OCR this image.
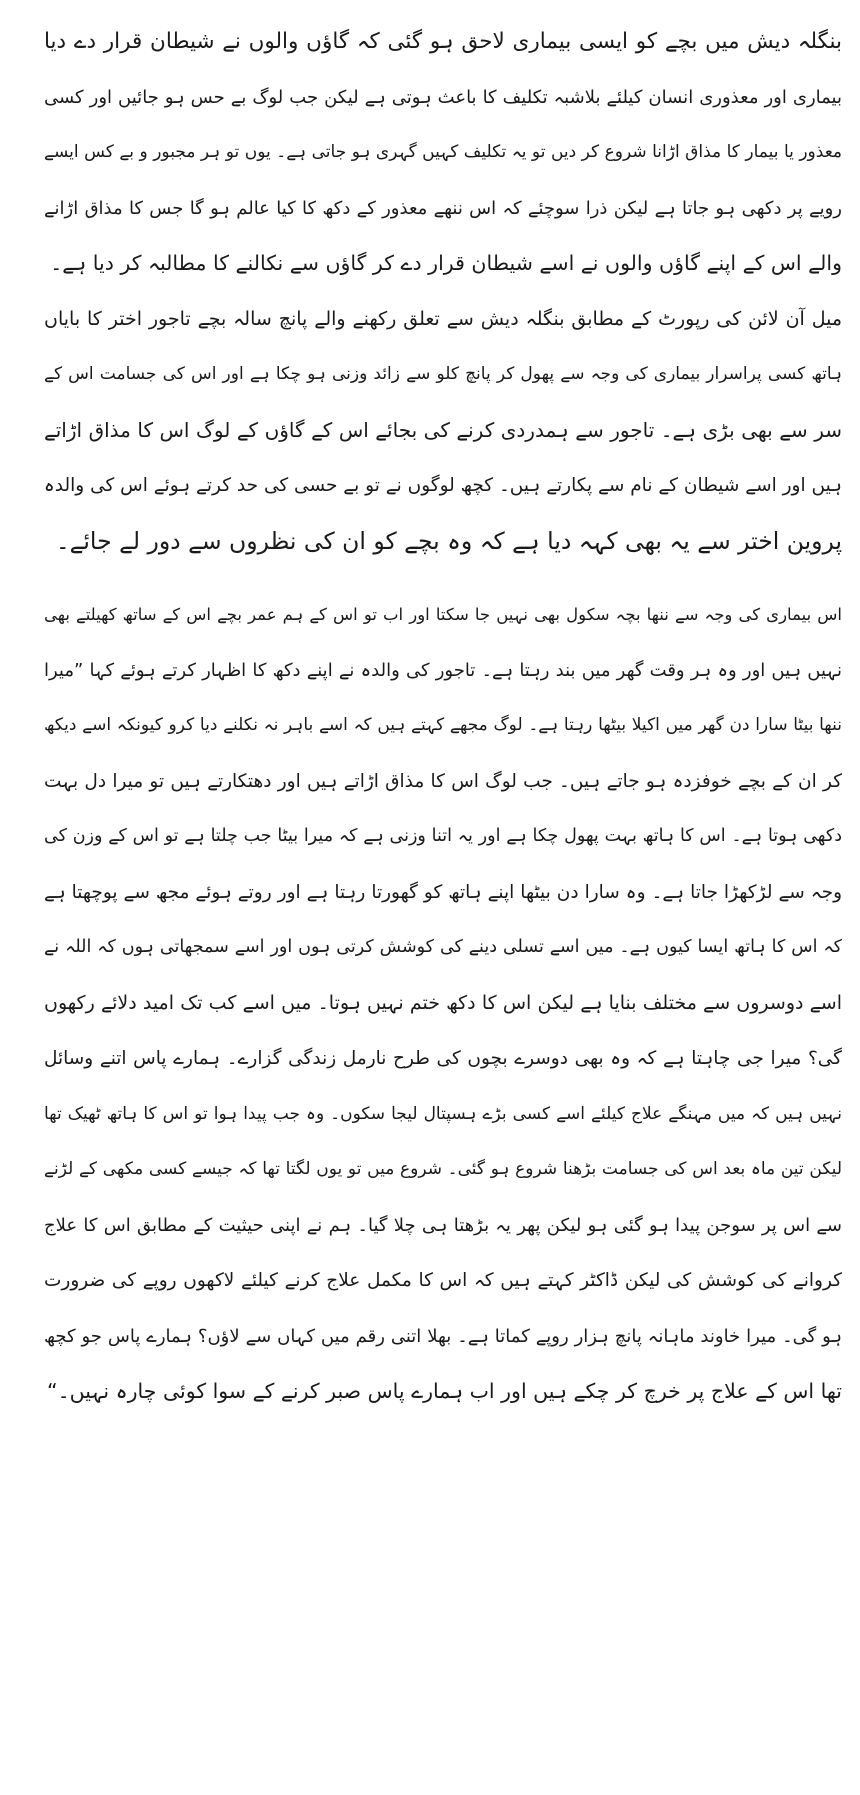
بنگلہ دیش میں بچے کو ایسی بیماری لاحق ہو گئی کہ گاؤں والوں نے شیطان قرار دے دیا
بیماری اور معذوری انسان کیلئے بلاشبہ تکلیف کا باعث ہوتی ہے لیکن جب لوگ بے حس ہو جائیں اور کسی
معذور یا بیمار کا مذاق اڑانا شروع کر دیں تو یہ تکلیف کہیں گہری ہو جاتی ہے۔ یوں تو ہر مجبور و بے کس ایسے
رویے پر دکھی ہو جاتا ہے لیکن ذرا سوچئے کہ اس ننھے معذور کے دکھ کا کیا عالم ہو گا جس کا مذاق اڑانے
والے اس کے اپنے گاؤں والوں نے اسے شیطان قرار دے کر گاؤں سے نکالنے کا مطالبہ کر دیا ہے۔
میل آن لائن کی رپورٹ کے مطابق بنگلہ دیش سے تعلق رکھنے والے پانچ سالہ بچے تاجور اختر کا بایاں
ہاتھ کسی پراسرار بیماری کی وجہ سے پھول کر پانچ کلو سے زائد وزنی ہو چکا ہے اور اس کی جسامت اس کے
سر سے بھی بڑی ہے۔ تاجور سے ہمدردی کرنے کی بجائے اس کے گاؤں کے لوگ اس کا مذاق اڑاتے
ہیں اور اسے شیطان کے نام سے پکارتے ہیں۔ کچھ لوگوں نے تو بے حسی کی حد کرتے ہوئے اس کی والدہ
پروین اختر سے یہ بھی کہہ دیا ہے کہ وہ بچے کو ان کی نظروں سے دور لے جائے۔
اس بیماری کی وجہ سے ننھا بچہ سکول بھی نہیں جا سکتا اور اب تو اس کے ہم عمر بچے اس کے ساتھ کھیلتے بھی
نہیں ہیں اور وہ ہر وقت گھر میں بند رہتا ہے۔ تاجور کی والدہ نے اپنے دکھ کا اظہار کرتے ہوئے کہا ”میرا
ننھا بیٹا سارا دن گھر میں اکیلا بیٹھا رہتا ہے۔ لوگ مجھے کہتے ہیں کہ اسے باہر نہ نکلنے دیا کرو کیونکہ اسے دیکھ
کر ان کے بچے خوفزدہ ہو جاتے ہیں۔ جب لوگ اس کا مذاق اڑاتے ہیں اور دھتکارتے ہیں تو میرا دل بہت
دکھی ہوتا ہے۔ اس کا ہاتھ بہت پھول چکا ہے اور یہ اتنا وزنی ہے کہ میرا بیٹا جب چلتا ہے تو اس کے وزن کی
وجہ سے لڑکھڑا جاتا ہے۔ وہ سارا دن بیٹھا اپنے ہاتھ کو گھورتا رہتا ہے اور روتے ہوئے مجھ سے پوچھتا ہے
کہ اس کا ہاتھ ایسا کیوں ہے۔ میں اسے تسلی دینے کی کوشش کرتی ہوں اور اسے سمجھاتی ہوں کہ اللہ نے
اسے دوسروں سے مختلف بنایا ہے لیکن اس کا دکھ ختم نہیں ہوتا۔ میں اسے کب تک امید دلائے رکھوں
گی؟ میرا جی چاہتا ہے کہ وہ بھی دوسرے بچوں کی طرح نارمل زندگی گزارے۔ ہمارے پاس اتنے وسائل
نہیں ہیں کہ میں مہنگے علاج کیلئے اسے کسی بڑے ہسپتال لیجا سکوں۔ وہ جب پیدا ہوا تو اس کا ہاتھ ٹھیک تھا
لیکن تین ماہ بعد اس کی جسامت بڑھنا شروع ہو گئی۔ شروع میں تو یوں لگتا تھا کہ جیسے کسی مکھی کے لڑنے
سے اس پر سوجن پیدا ہو گئی ہو لیکن پھر یہ بڑھتا ہی چلا گیا۔ ہم نے اپنی حیثیت کے مطابق اس کا علاج
کروانے کی کوشش کی لیکن ڈاکٹر کہتے ہیں کہ اس کا مکمل علاج کرنے کیلئے لاکھوں روپے کی ضرورت
ہو گی۔ میرا خاوند ماہانہ پانچ ہزار روپے کماتا ہے۔ بھلا اتنی رقم میں کہاں سے لاؤں؟ ہمارے پاس جو کچھ
تھا اس کے علاج پر خرچ کر چکے ہیں اور اب ہمارے پاس صبر کرنے کے سوا کوئی چارہ نہیں۔“
